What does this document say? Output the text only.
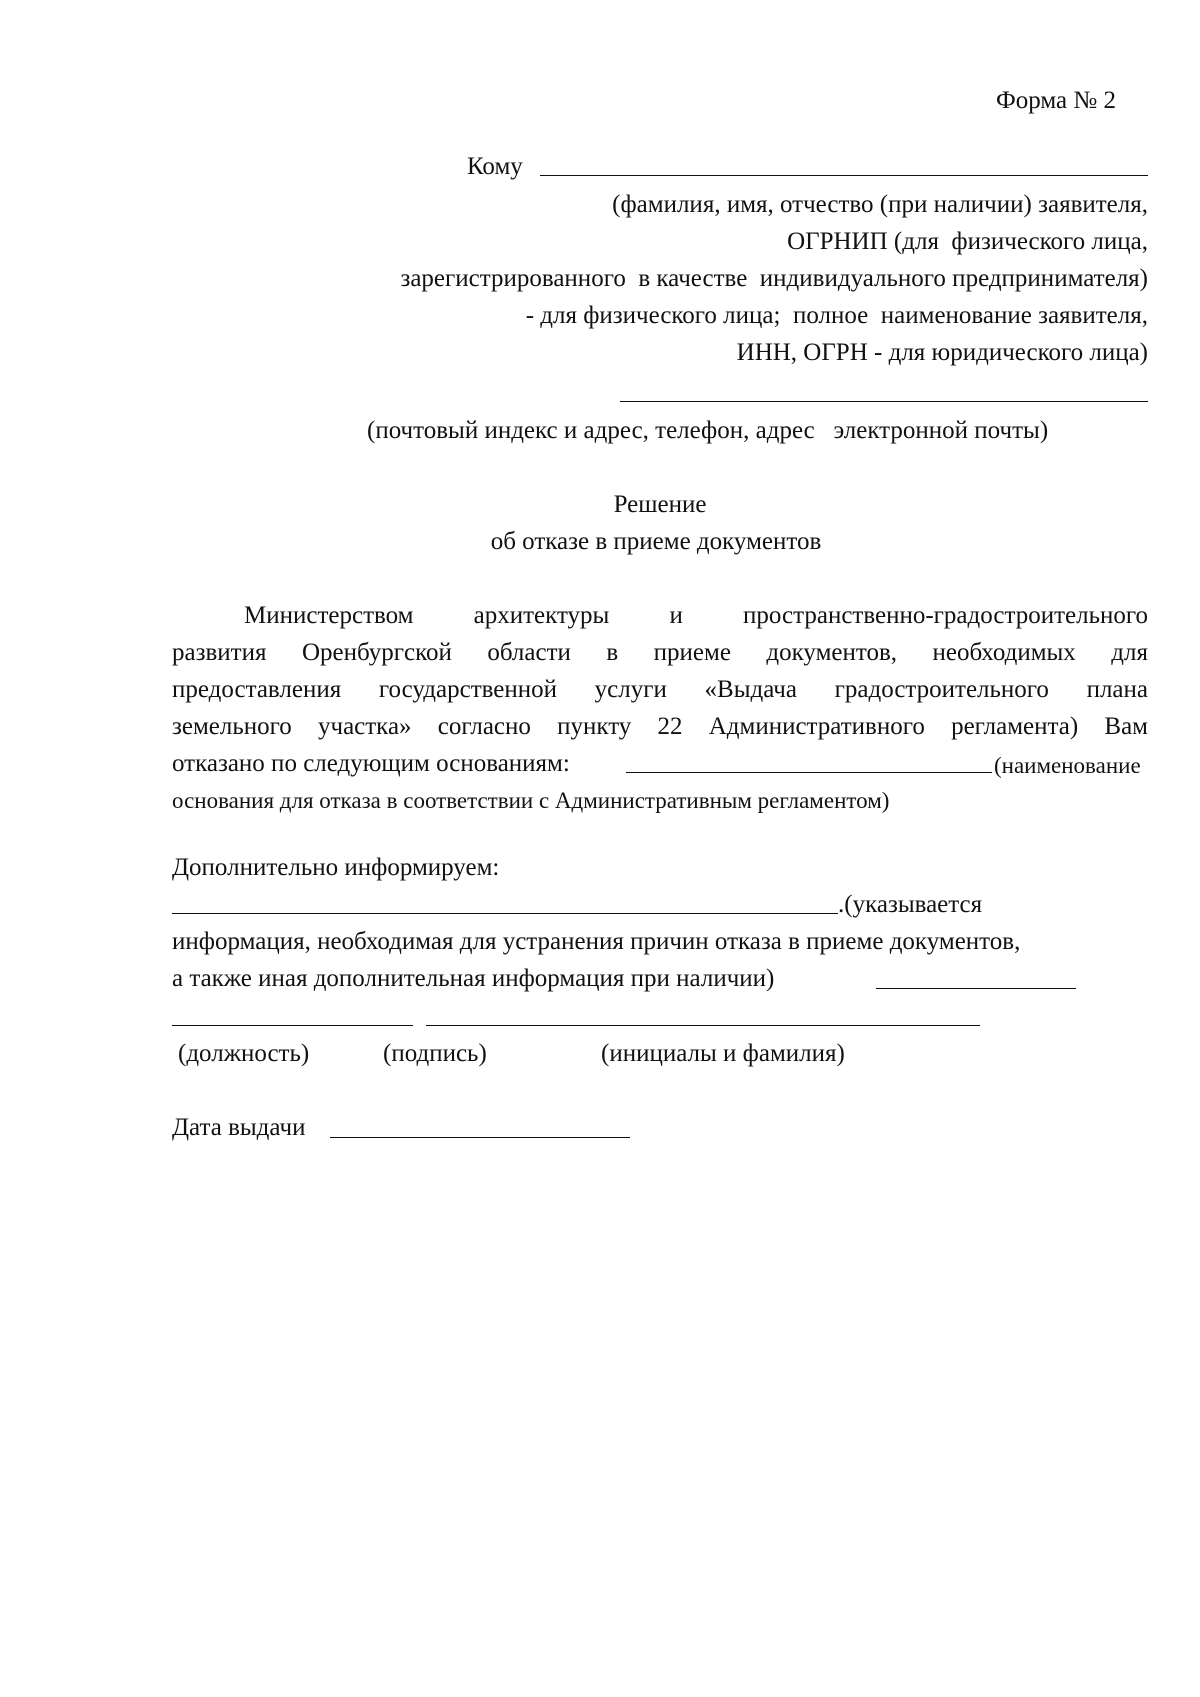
Форма № 2
Кому
(фамилия, имя, отчество (при наличии) заявителя,
ОГРНИП (для  физического лица,
зарегистрированного  в качестве  индивидуального предпринимателя)
- для физического лица;  полное  наименование заявителя,
ИНН, ОГРН - для юридического лица)
(почтовый индекс и адрес, телефон, адрес   электронной почты)
Решение
об отказе в приеме документов
Министерством архитектуры и пространственно-градостроительного
развития Оренбургской области в приеме документов, необходимых для
предоставления государственной услуги «Выдача градостроительного плана
земельного участка» согласно пункту 22 Административного регламента) Вам
отказано по следующим основаниям:	(наименование
основания для отказа в соответствии с Административным регламентом)
Дополнительно информируем:
.(указывается
информация, необходимая для устранения причин отказа в приеме документов,
а также иная дополнительная информация при наличии)
(должность)	(подпись)	(инициалы и фамилия)
Дата выдачи
